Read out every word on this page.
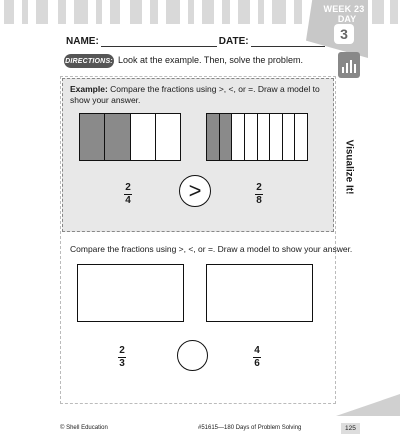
WEEK 23
DAY
3
NAME:	DATE:
DIRECTIONS: Look at the example. Then, solve the problem.
Visualize It!
Example: Compare the fractions using >, <, or =. Draw a model to show your answer.
2
4	>	2
8
Compare the fractions using >, <, or =. Draw a model to show your answer.
2
3
4
6
© Shell Education	#51615—180 Days of Problem Solving	125
